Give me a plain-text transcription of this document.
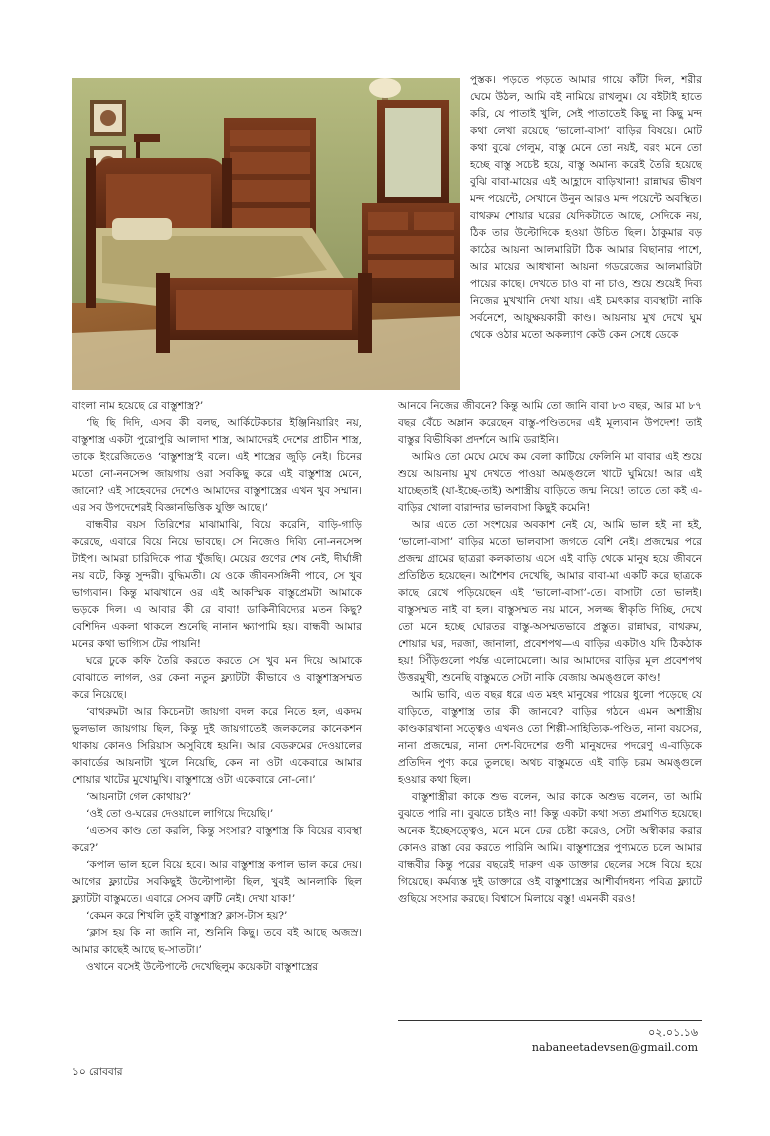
পুস্তক। পড়তে পড়তে আমার গায়ে কাঁটা দিল, শরীর ঘেমে উঠল, আমি বই নামিয়ে রাখলুম। যে বইটাই হাতে করি, যে পাতাই খুলি, সেই পাতাতেই কিছু না কিছু মন্দ কথা লেখা রয়েছে ‘ভালো-বাসা’ বাড়ির বিষয়ে। মোট কথা বুঝে গেলুম, বাস্তু মেনে তো নয়ই, বরং মনে তো হচ্ছে বাস্তু সচেষ্ট হয়ে, বাস্তু অমান্য করেই তৈরি হয়েছে বুঝি বাবা-মায়ের এই আহ্লাদে বাড়িখানা! রান্নাঘর ভীষণ মন্দ পয়েন্টে, সেখানে উনুন আরও মন্দ পয়েন্টে অবস্থিত। বাথরুম শোয়ার ঘরের যেদিকটাতে আছে, সেদিকে নয়, ঠিক তার উল্টোদিকে হওয়া উচিত ছিল। ঠাকুমার বড় কাঠের আয়না আলমারিটা ঠিক আমার বিছানার পাশে, আর মায়ের আধখানা আয়না গডরেজের আলমারিটা পায়ের কাছে। দেখতে চাও বা না চাও, শুয়ে শুয়েই দিব্য নিজের মুখখানি দেখা যায়। এই চমৎকার ব্যবস্থাটা নাকি সর্বনেশে, আয়ুক্ষয়কারী কাণ্ড। আয়নায় মুখ দেখে ঘুম থেকে ওঠার মতো অকল্যাণ কেউ কেন সেধে ডেকে

বাংলা নাম হয়েছে রে বাস্তুশাস্ত্র?’

‘ছি ছি দিদি, এসব কী বলছ, আর্কিটেকচার ইঞ্জিনিয়ারিং নয়, বাস্তুশাস্ত্র একটা পুরোপুরি আলাদা শাস্ত্র, আমাদেরই দেশের প্রাচীন শাস্ত্র, তাকে ইংরেজিতেও ‘বাস্তুশাস্ত্র’ই বলে। এই শাস্ত্রের জুড়ি নেই। চিনের মতো নো-ননসেন্স জায়গায় ওরা সবকিছু করে এই বাস্তুশাস্ত্র মেনে, জানো? এই সাহেবদের দেশেও আমাদের বাস্তুশাস্ত্রের এখন খুব সম্মান। এর সব উপদেশেরই বিজ্ঞানভিত্তিক যুক্তি আছে।’

বান্ধবীর বয়স তিরিশের মাঝামাঝি, বিয়ে করেনি, বাড়ি-গাড়ি করেছে, এবারে বিয়ে নিয়ে ভাবছে। সে নিজেও দিব্যি নো-ননসেন্স টাইপ। আমরা চারিদিকে পাত্র খুঁজছি। মেয়ের গুণের শেষ নেই, দীর্ঘাঙ্গী নয় বটে, কিন্তু সুন্দরী। বুদ্ধিমতী। যে ওকে জীবনসঙ্গিনী পাবে, সে খুব ভাগ্যবান। কিন্তু মাঝখানে ওর এই আকস্মিক বাস্তুপ্রেমটা আমাকে ভড়কে দিল। এ আবার কী রে বাবা! ডাকিনীবিদ্যের মতন কিছু? বেশিদিন একলা থাকলে শুনেছি নানান ক্ষ্যাপামি হয়। বান্ধবী আমার মনের কথা ভাগ্যিস টের পায়নি!

ঘরে ঢুকে কফি তৈরি করতে করতে সে খুব মন দিয়ে আমাকে বোঝাতে লাগল, ওর কেনা নতুন ফ্ল্যাটটা কীভাবে ও বাস্তুশাস্ত্রসম্মত করে নিয়েছে।

‘বাথরুমটা আর কিচেনটা জায়গা বদল করে নিতে হল, একদম ভুলভাল জায়গায় ছিল, কিন্তু দুই জায়গাতেই জলকলের কানেকশন থাকায় কোনও সিরিয়াস অসুবিধে হয়নি। আর বেডরুমের দেওয়ালের কাবার্ডের আয়নাটা খুলে নিয়েছি, কেন না ওটা একেবারে আমার শোয়ার খাটের মুখোমুখি। বাস্তুশাস্ত্রে ওটা একেবারে নো-নো।’

‘আয়নাটা গেল কোথায়?’

‘ওই তো ও-ঘরের দেওয়ালে লাগিয়ে দিয়েছি।’

‘এতসব কাণ্ড তো করলি, কিন্তু সংসার? বাস্তুশাস্ত্র কি বিয়ের ব্যবস্থা করে?’

‘কপাল ভাল হলে বিয়ে হবে। আর বাস্তুশাস্ত্র কপাল ভাল করে দেয়। আগের ফ্ল্যাটের সবকিছুই উল্টোপাল্টা ছিল, খুবই আনলাকি ছিল ফ্ল্যাটটা বাস্তুমতে। এবারে সেসব ত্রুটি নেই। দেখা যাক!’

‘কেমন করে শিখলি তুই বাস্তুশাস্ত্র? ক্লাস-টাস হয়?’

‘ক্লাস হয় কি না জানি না, শুনিনি কিছু। তবে বই আছে অজস্র। আমার কাছেই আছে ছ-সাতটা।’

ওখানে বসেই উল্টেপাল্টে দেখেছিলুম কয়েকটা বাস্তুশাস্ত্রের

আনবে নিজের জীবনে? কিন্তু আমি তো জানি বাবা ৮৩ বছর, আর মা ৮৭ বছর বেঁচে অম্লান করেছেন বাস্তু-পণ্ডিতদের এই মূল্যবান উপদেশ! তাই বাস্তুর বিভীষিকা প্রদর্শনে আমি ডরাইনি।

আমিও তো মেঘে মেঘে কম বেলা কাটিয়ে ফেলিনি মা বাবার এই শুয়ে শুয়ে আয়নায় মুখ দেখতে পাওয়া অমঙ্গুলে খাটে ঘুমিয়ে! আর এই যাচ্ছেতাই (যা-ইচ্ছে-তাই) অশাস্ত্রীয় বাড়িতে জন্ম নিয়ে! তাতে তো কই এ-বাড়ির খোলা বারান্দার ভালবাসা কিছুই কমেনি!

আর এতে তো সংশয়ের অবকাশ নেই যে, আমি ভাল হই না হই, ‘ভালো-বাসা’ বাড়ির মতো ভালবাসা জগতে বেশি নেই। প্রজন্মের পরে প্রজন্ম গ্রামের ছাত্ররা কলকাতায় এসে এই বাড়ি থেকে মানুষ হয়ে জীবনে প্রতিষ্ঠিত হয়েছেন। আশৈশব দেখেছি, আমার বাবা-মা একটি করে ছাত্রকে কাছে রেখে পড়িয়েছেন এই ‘ভালো-বাসা’-তে। বাসাটা তো ভালই। বাস্তুসম্মত নাই বা হল। বাস্তুসম্মত নয় মানে, সলজ্জ স্বীকৃতি দিচ্ছি, দেখে তো মনে হচ্ছে ঘোরতর বাস্তু-অসম্মতভাবে প্রস্তুত। রান্নাঘর, বাথরুম, শোয়ার ঘর, দরজা, জানালা, প্রবেশপথ—এ বাড়ির একটাও যদি ঠিকঠাক হয়! সিঁড়িগুলো পর্যন্ত এলোমেলো। আর আমাদের বাড়ির মূল প্রবেশপথ উত্তরমুখী, শুনেছি বাস্তুমতে সেটা নাকি বেজায় অমঙ্গুলে কাণ্ড!

আমি ভাবি, এত বছর ধরে এত মহৎ মানুষের পায়ের ধুলো পড়েছে যে বাড়িতে, বাস্তুশাস্ত্র তার কী জানবে? বাড়ির গঠনে এমন অশাস্ত্রীয় কাণ্ডকারখানা সত্ত্বেও এখনও তো শিল্পী-সাহিত্যিক-পণ্ডিত, নানা বয়সের, নানা প্রজন্মের, নানা দেশ-বিদেশের গুণী মানুষদের পদরেণু এ-বাড়িকে প্রতিদিন পুণ্য করে তুলছে। অথচ বাস্তুমতে এই বাড়ি চরম অমঙ্গুলে হওয়ার কথা ছিল।

বাস্তুশাস্ত্রীরা কাকে শুভ বলেন, আর কাকে অশুভ বলেন, তা আমি বুঝতে পারি না। বুঝতে চাইও না! কিন্তু একটা কথা সত্য প্রমাণিত হয়েছে। অনেক ইচ্ছেসত্ত্বেও, মনে মনে ঢের চেষ্টা করেও, সেটা অস্বীকার করার কোনও রাস্তা বের করতে পারিনি আমি। বাস্তুশাস্ত্রের পুণ্যমতে চলে আমার বান্ধবীর কিন্তু পরের বছরেই দারুণ এক ডাক্তার ছেলের সঙ্গে বিয়ে হয়ে গিয়েছে। কর্মব্যস্ত দুই ডাক্তারে ওই বাস্তুশাস্ত্রের আশীর্বাদধন্য পবিত্র ফ্ল্যাটে গুছিয়ে সংসার করছে। বিশ্বাসে মিলায়ে বস্তু! এমনকী বরও!

০২.০১.১৬
nabaneetadevsen@gmail.com
১০ রোববার
